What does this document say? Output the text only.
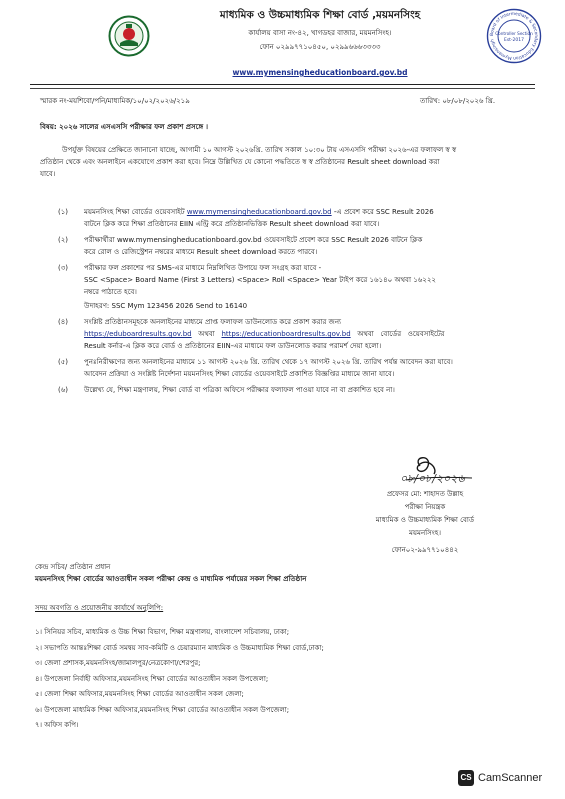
মাধ্যমিক ও উচ্চমাধ্যমিক শিক্ষা বোর্ড ,ময়মনসিংহ
কার্যালয় বাসা নং-৪২, খাগডহর বাজার, ময়মনসিংহ।
ফোন ০২৯৯৭৭১০৪৫০, ০২৯৯৬৬৬৩৩৩৩
www.mymensingheducationboard.gov.bd
Board of Intermediate & Secondary Education Mymensingh
Controller Section
Est-2017
স্মারক নং-ময়শিবো/পনি/মাধ্যমিক/১০/০২/২০২৬/২১৯	তারিখ: ০৮/০৮/২০২৬ খ্রি.
বিষয়: ২০২৬ সালের এসএসসি পরীক্ষার ফল প্রকাশ প্রসঙ্গে ।
উপর্যুক্ত বিষয়ের প্রেক্ষিতে জানানো যাচ্ছে, আগামী ১০ আগস্ট ২০২৬খ্রি. তারিখ সকাল ১০:৩০ টায় এসএসসি পরীক্ষা ২০২৬-এর ফলাফল স্ব স্ব
প্রতিষ্ঠান থেকে এবং অনলাইনে একযোগে প্রকাশ করা হবে। নিম্নে উল্লিখিত যে কোনো পদ্ধতিতে স্ব স্ব প্রতিষ্ঠানের Result sheet download করা
যাবে।
(১) ময়মনসিংহ শিক্ষা বোর্ডের ওয়েবসাইট www.mymensingheducationboard.gov.bd -এ প্রবেশ করে SSC Result 2026
বাটনে ক্লিক করে শিক্ষা প্রতিষ্ঠানের EIIN এন্ট্রি করে প্রতিষ্ঠানভিত্তিক Result sheet download করা যাবে।
(২) পরীক্ষার্থীরা www.mymensingheducationboard.gov.bd ওয়েবসাইটে প্রবেশ করে SSC Result 2026 বাটনে ক্লিক
করে রোল ও রেজিস্ট্রেশন নম্বরের মাধ্যমে Result sheet download করতে পারবে।
(৩) পরীক্ষার ফল প্রকাশের পর SMS-এর মাধ্যমে নিম্নলিখিত উপায়ে ফল সংগ্রহ করা যাবে -
SSC <Space> Board Name (First 3 Letters) <Space> Roll <Space> Year টাইপ করে ১৬১৪০ অথবা ১৬২২২
নম্বরে পাঠাতে হবে।
উদাহরণ: SSC Mym 123456 2026 Send to 16140
(৪) সংশ্লিষ্ট প্রতিষ্ঠানসমূহকে অনলাইনের মাধ্যমে প্রাপ্ত ফলাফল ডাউনলোড করে প্রকাশ করার জন্য
https://eduboardresults.gov.bd   অথবা   https://educationboardresults.gov.bd   অথবা   বোর্ডের   ওয়েবসাইটের
Result কর্নার-এ ক্লিক করে বোর্ড ও প্রতিষ্ঠানের EIIN-এর মাধ্যমে ফল ডাউনলোড করার পরামর্শ দেয়া হলো।
(৫) পুনঃনিরীক্ষণের জন্য অনলাইনের মাধ্যমে ১১ আগস্ট ২০২৬ খ্রি. তারিখ থেকে ১৭ আগস্ট ২০২৬ খ্রি. তারিখ পর্যন্ত আবেদন করা যাবে।
আবেদন প্রক্রিয়া ও সংশ্লিষ্ট নির্দেশনা ময়মনসিংহ শিক্ষা বোর্ডের ওয়েবসাইটে প্রকাশিত বিজ্ঞপ্তির মাধ্যমে জানা যাবে।
(৬) উল্লেখ্য যে, শিক্ষা মন্ত্রণালয়, শিক্ষা বোর্ড বা পত্রিকা অফিসে পরীক্ষার ফলাফল পাওয়া যাবে না বা প্রকাশিত হবে না।
০৮/০৮/২০২৬
প্রফেসর মো: শাহাদত উল্লাহ
পরীক্ষা নিয়ন্ত্রক
মাধ্যমিক ও উচ্চমাধ্যমিক শিক্ষা বোর্ড
ময়মনসিংহ।
ফোন০২-৯৯৭৭১০৪৪২
কেন্দ্র সচিব/ প্রতিষ্ঠান প্রধান
ময়মনসিংহ শিক্ষা বোর্ডের আওতাধীন সকল পরীক্ষা কেন্দ্র ও মাধ্যমিক পর্যায়ের সকল শিক্ষা প্রতিষ্ঠান
সদয় অবগতি ও প্রয়োজনীয় কার্যার্থে অনুলিপি:
১। সিনিয়র সচিব, মাধ্যমিক ও উচ্চ শিক্ষা বিভাগ, শিক্ষা মন্ত্রণালয়, বাংলাদেশ সচিবালয়, ঢাকা;
২। সভাপতি আন্তঃশিক্ষা বোর্ড সমন্বয় সাব-কমিটি ও চেয়ারম্যান মাধ্যমিক ও উচ্চমাধ্যমিক শিক্ষা বোর্ড,ঢাকা;
৩। জেলা প্রশাসক,ময়মনসিংহ/জামালপুর/নেত্রকোণা/শেরপুর;
৪। উপজেলা নির্বাহী অফিসার,ময়মনসিংহ শিক্ষা বোর্ডের আওতাধীন সকল উপজেলা;
৫। জেলা শিক্ষা অফিসার,ময়মনসিংহ শিক্ষা বোর্ডের আওতাধীন সকল জেলা;
৬। উপজেলা মাধ্যমিক শিক্ষা অফিসার,ময়মনসিংহ শিক্ষা বোর্ডের আওতাধীন সকল উপজেলা;
৭। অফিস কপি।
CS CamScanner
